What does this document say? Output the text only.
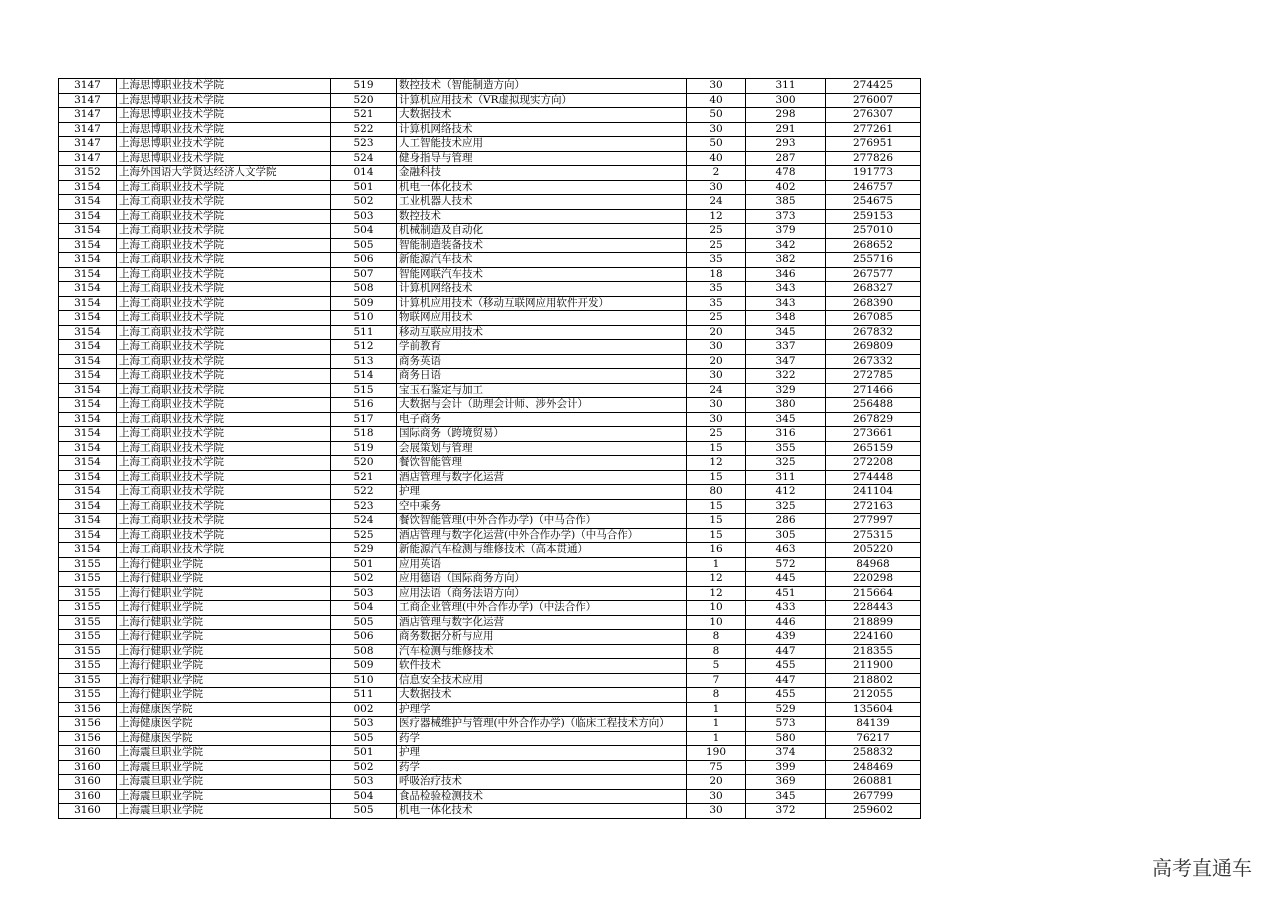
3147	上海思博职业技术学院	519	数控技术（智能制造方向）	30	311	274425
3147	上海思博职业技术学院	520	计算机应用技术（VR虚拟现实方向）	40	300	276007
3147	上海思博职业技术学院	521	大数据技术	50	298	276307
3147	上海思博职业技术学院	522	计算机网络技术	30	291	277261
3147	上海思博职业技术学院	523	人工智能技术应用	50	293	276951
3147	上海思博职业技术学院	524	健身指导与管理	40	287	277826
3152	上海外国语大学贤达经济人文学院	014	金融科技	2	478	191773
3154	上海工商职业技术学院	501	机电一体化技术	30	402	246757
3154	上海工商职业技术学院	502	工业机器人技术	24	385	254675
3154	上海工商职业技术学院	503	数控技术	12	373	259153
3154	上海工商职业技术学院	504	机械制造及自动化	25	379	257010
3154	上海工商职业技术学院	505	智能制造装备技术	25	342	268652
3154	上海工商职业技术学院	506	新能源汽车技术	35	382	255716
3154	上海工商职业技术学院	507	智能网联汽车技术	18	346	267577
3154	上海工商职业技术学院	508	计算机网络技术	35	343	268327
3154	上海工商职业技术学院	509	计算机应用技术（移动互联网应用软件开发）	35	343	268390
3154	上海工商职业技术学院	510	物联网应用技术	25	348	267085
3154	上海工商职业技术学院	511	移动互联应用技术	20	345	267832
3154	上海工商职业技术学院	512	学前教育	30	337	269809
3154	上海工商职业技术学院	513	商务英语	20	347	267332
3154	上海工商职业技术学院	514	商务日语	30	322	272785
3154	上海工商职业技术学院	515	宝玉石鉴定与加工	24	329	271466
3154	上海工商职业技术学院	516	大数据与会计（助理会计师、涉外会计）	30	380	256488
3154	上海工商职业技术学院	517	电子商务	30	345	267829
3154	上海工商职业技术学院	518	国际商务（跨境贸易）	25	316	273661
3154	上海工商职业技术学院	519	会展策划与管理	15	355	265159
3154	上海工商职业技术学院	520	餐饮智能管理	12	325	272208
3154	上海工商职业技术学院	521	酒店管理与数字化运营	15	311	274448
3154	上海工商职业技术学院	522	护理	80	412	241104
3154	上海工商职业技术学院	523	空中乘务	15	325	272163
3154	上海工商职业技术学院	524	餐饮智能管理(中外合作办学)（中马合作）	15	286	277997
3154	上海工商职业技术学院	525	酒店管理与数字化运营(中外合作办学)（中马合作）	15	305	275315
3154	上海工商职业技术学院	529	新能源汽车检测与维修技术（高本贯通）	16	463	205220
3155	上海行健职业学院	501	应用英语	1	572	84968
3155	上海行健职业学院	502	应用德语（国际商务方向）	12	445	220298
3155	上海行健职业学院	503	应用法语（商务法语方向）	12	451	215664
3155	上海行健职业学院	504	工商企业管理(中外合作办学)（中法合作）	10	433	228443
3155	上海行健职业学院	505	酒店管理与数字化运营	10	446	218899
3155	上海行健职业学院	506	商务数据分析与应用	8	439	224160
3155	上海行健职业学院	508	汽车检测与维修技术	8	447	218355
3155	上海行健职业学院	509	软件技术	5	455	211900
3155	上海行健职业学院	510	信息安全技术应用	7	447	218802
3155	上海行健职业学院	511	大数据技术	8	455	212055
3156	上海健康医学院	002	护理学	1	529	135604
3156	上海健康医学院	503	医疗器械维护与管理(中外合作办学)（临床工程技术方向）	1	573	84139
3156	上海健康医学院	505	药学	1	580	76217
3160	上海震旦职业学院	501	护理	190	374	258832
3160	上海震旦职业学院	502	药学	75	399	248469
3160	上海震旦职业学院	503	呼吸治疗技术	20	369	260881
3160	上海震旦职业学院	504	食品检验检测技术	30	345	267799
3160	上海震旦职业学院	505	机电一体化技术	30	372	259602
高考直通车
